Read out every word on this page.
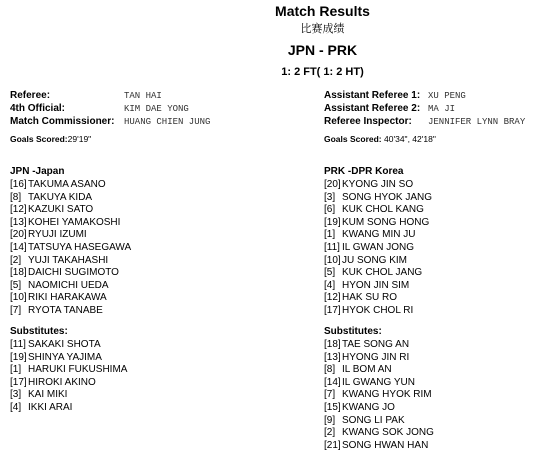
Match Results
比赛成绩
JPN - PRK
1: 2 FT( 1: 2 HT)
Referee:	TAN HAI
4th Official:	KIM DAE YONG
Match Commissioner: HUANG CHIEN JUNG
Assistant Referee 1: XU PENG
Assistant Referee 2: MA JI
Referee Inspector: JENNIFER LYNN BRAY
Goals Scored:29'19"	Goals Scored: 40'34", 42'18"
JPN -Japan
[16]TAKUMA ASANO
[8] TAKUYA KIDA
[12]KAZUKI SATO
[13]KOHEI YAMAKOSHI
[20]RYUJI IZUMI
[14]TATSUYA HASEGAWA
[2] YUJI TAKAHASHI
[18]DAICHI SUGIMOTO
[5] NAOMICHI UEDA
[10]RIKI HARAKAWA
[7] RYOTA TANABE
Substitutes:
[11] SAKAKI SHOTA
[19]SHINYA YAJIMA
[1] HARUKI FUKUSHIMA
[17]HIROKI AKINO
[3] KAI MIKI
[4] IKKI ARAI
PRK -DPR Korea
[20]KYONG JIN SO
[3] SONG HYOK JANG
[6] KUK CHOL KANG
[19]KUM SONG HONG
[1] KWANG MIN JU
[11] IL GWAN JONG
[10]JU SONG KIM
[5] KUK CHOL JANG
[4] HYON JIN SIM
[12]HAK SU RO
[17]HYOK CHOL RI
Substitutes:
[18]TAE SONG AN
[13]HYONG JIN RI
[8] IL BOM AN
[14]IL GWANG YUN
[7] KWANG HYOK RIM
[15]KWANG JO
[9] SONG LI PAK
[2] KWANG SOK JONG
[21]SONG HWAN HAN
